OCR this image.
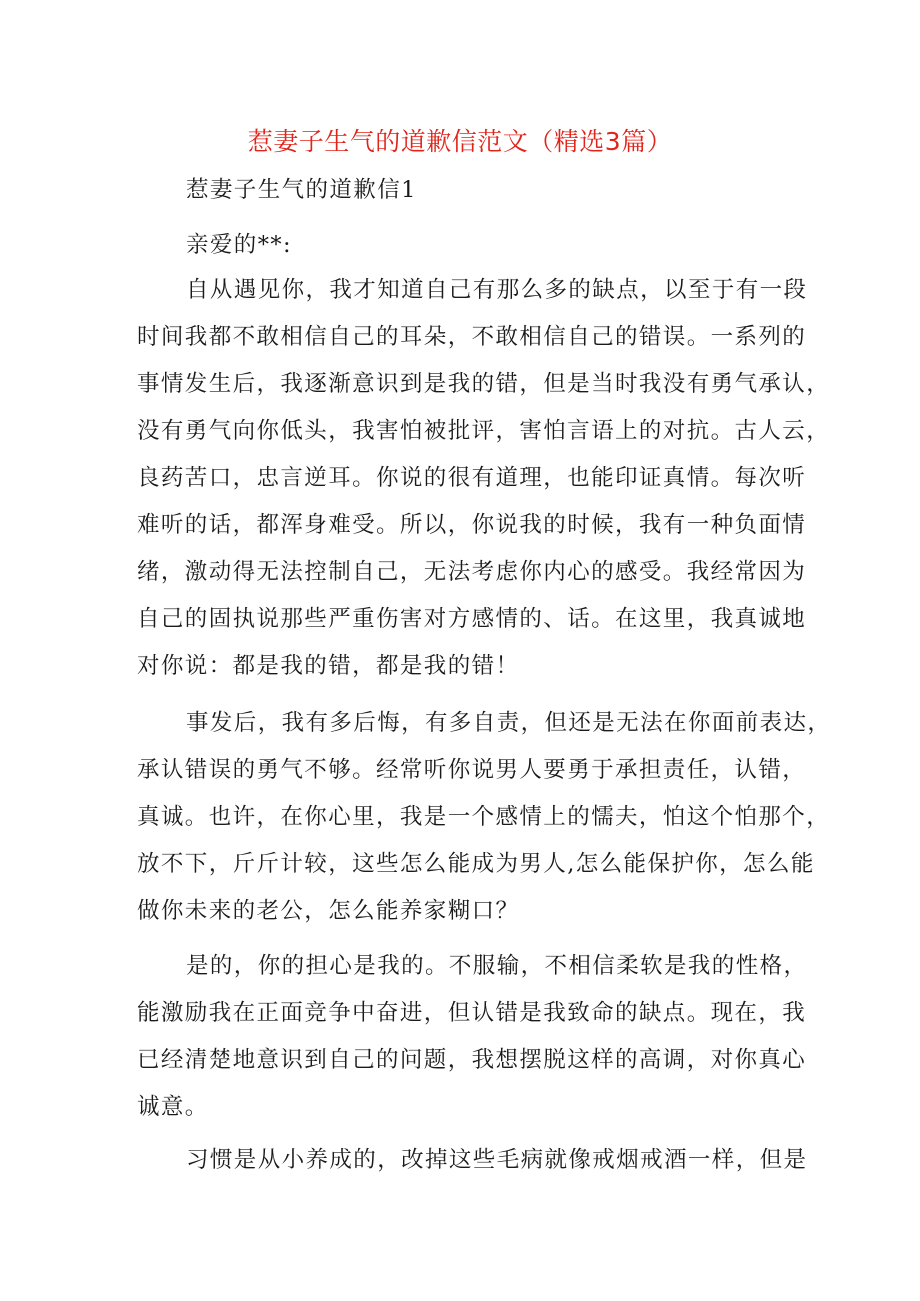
惹妻子生气的道歉信范文（精选3篇）

惹妻子生气的道歉信1

亲爱的**:

自从遇见你，我才知道自己有那么多的缺点，以至于有一段

时间我都不敢相信自己的耳朵，不敢相信自己的错误。一系列的

事情发生后，我逐渐意识到是我的错，但是当时我没有勇气承认，

没有勇气向你低头，我害怕被批评，害怕言语上的对抗。古人云，

良药苦口，忠言逆耳。你说的很有道理，也能印证真情。每次听

难听的话，都浑身难受。所以，你说我的时候，我有一种负面情

绪，激动得无法控制自己，无法考虑你内心的感受。我经常因为

自己的固执说那些严重伤害对方感情的、话。在这里，我真诚地

对你说：都是我的错，都是我的错！

事发后，我有多后悔，有多自责，但还是无法在你面前表达，

承认错误的勇气不够。经常听你说男人要勇于承担责任，认错，

真诚。也许，在你心里，我是一个感情上的懦夫，怕这个怕那个，

放不下，斤斤计较，这些怎么能成为男人,怎么能保护你，怎么能

做你未来的老公，怎么能养家糊口？

是的，你的担心是我的。不服输，不相信柔软是我的性格，

能激励我在正面竞争中奋进，但认错是我致命的缺点。现在，我

已经清楚地意识到自己的问题，我想摆脱这样的高调，对你真心

诚意。

习惯是从小养成的，改掉这些毛病就像戒烟戒酒一样，但是
